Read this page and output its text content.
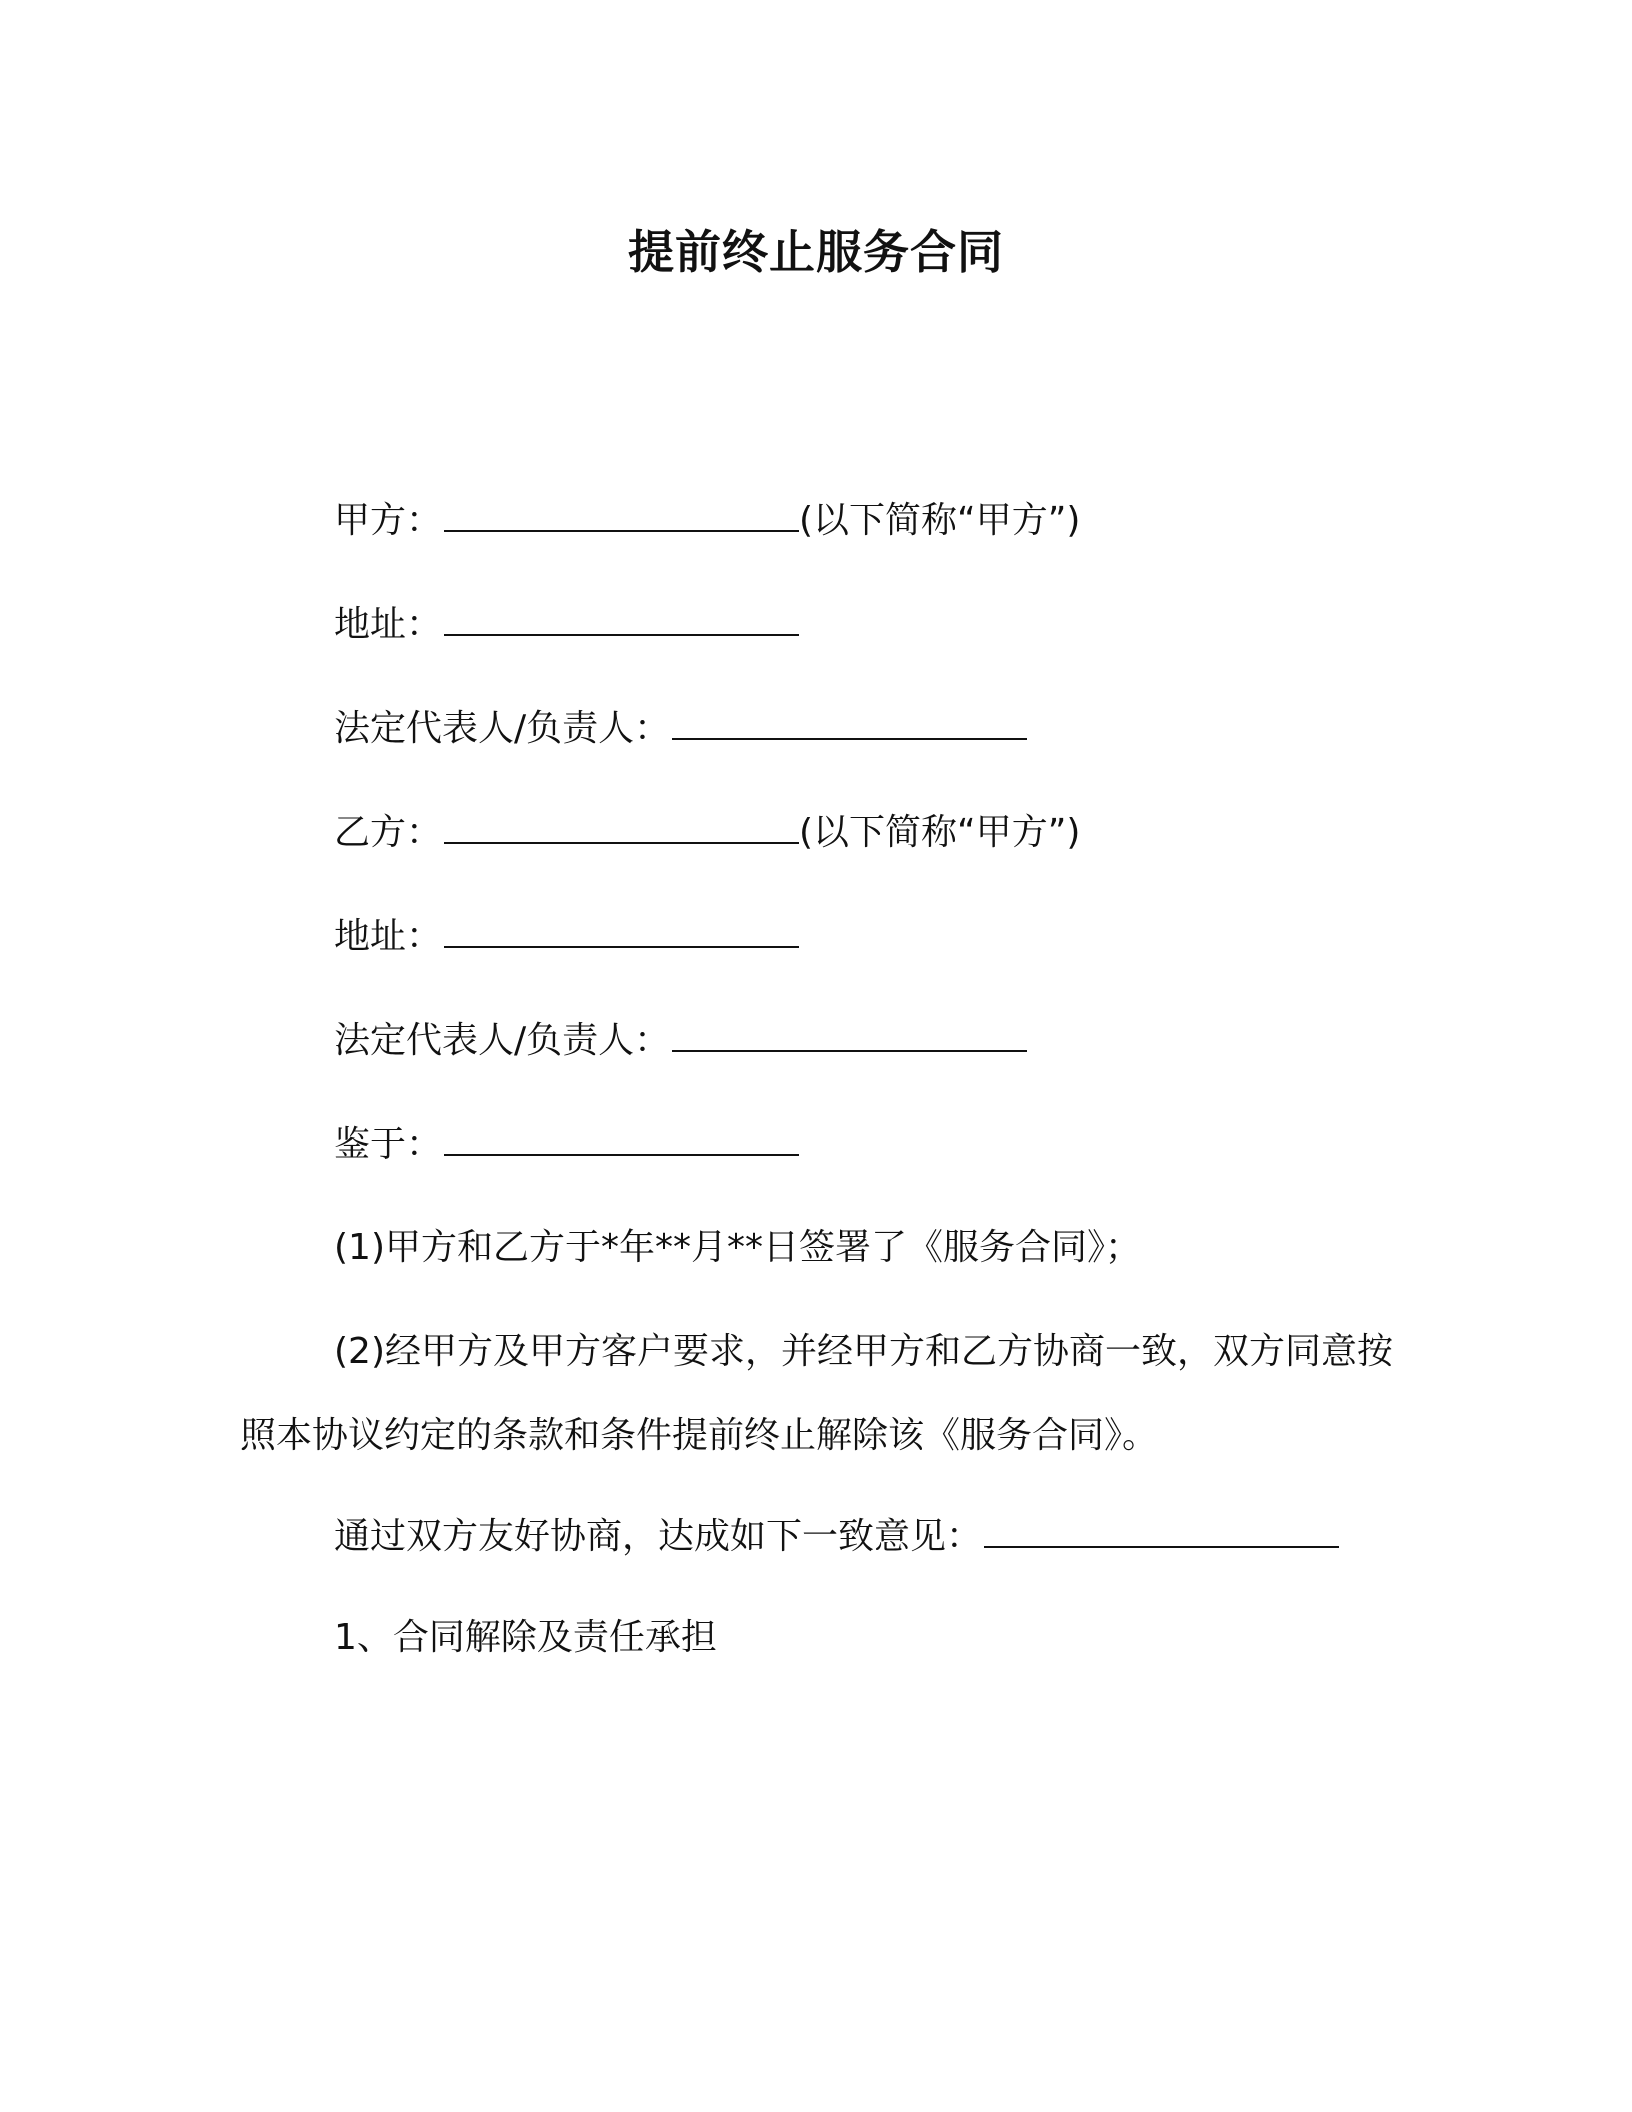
提前终止服务合同
甲方：	(以下简称“甲方”)
地址：
法定代表人/负责人：
乙方：	(以下简称“甲方”)
地址：
法定代表人/负责人：
鉴于：
(1)甲方和乙方于*年**月**日签署了《服务合同》；
(2)经甲方及甲方客户要求，并经甲方和乙方协商一致，双方同意按照本协议约定的条款和条件提前终止解除该《服务合同》。
通过双方友好协商，达成如下一致意见：
1、合同解除及责任承担
